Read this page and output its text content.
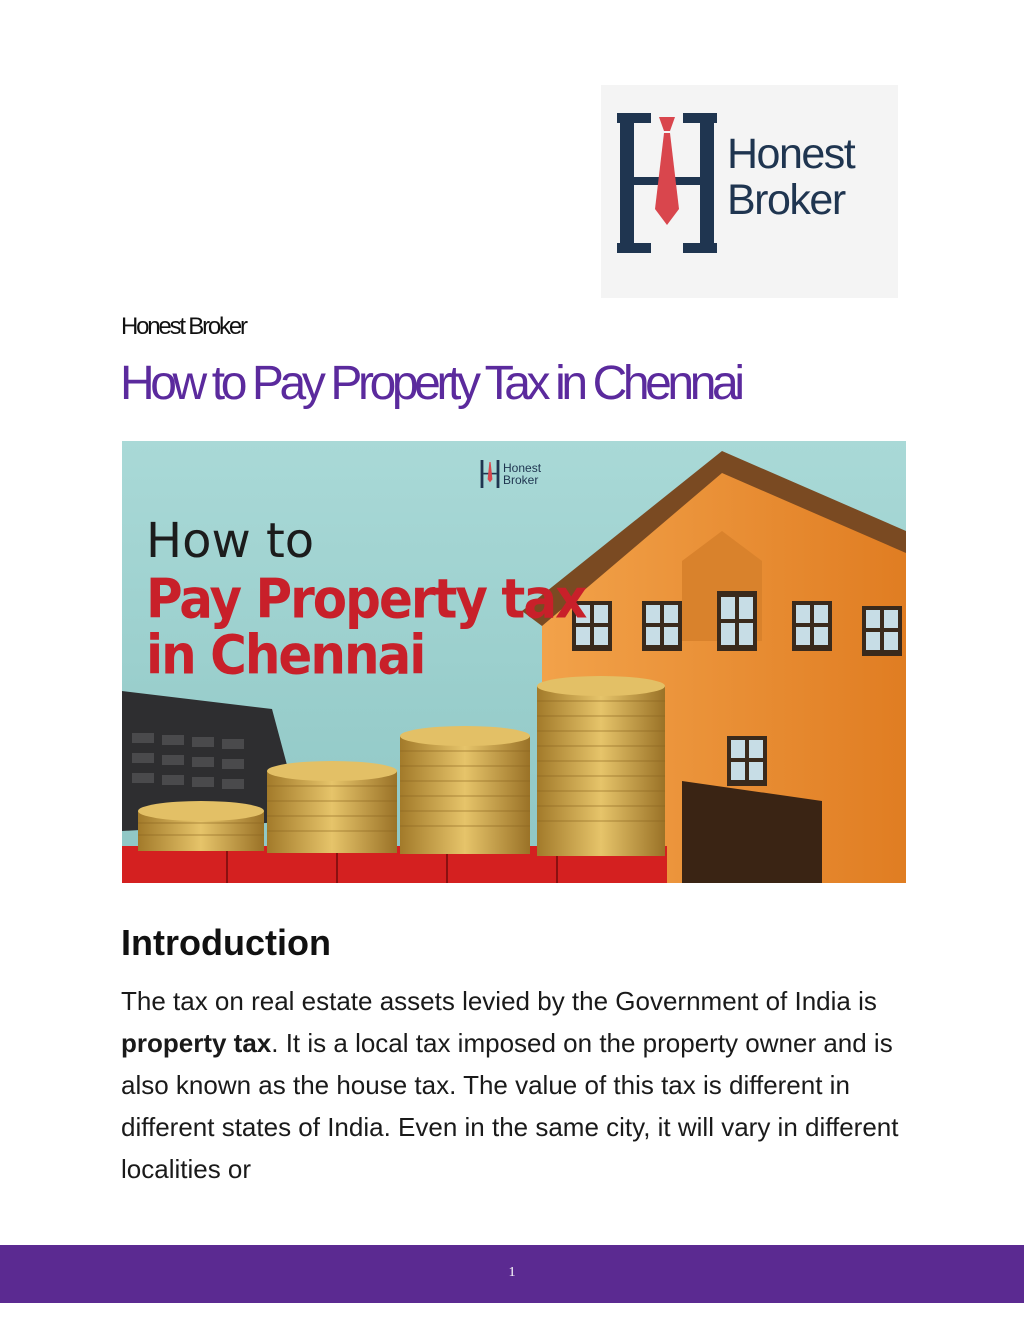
Honest
Broker
Honest Broker
How to Pay Property Tax in Chennai
Honest
Broker
How to
Pay Property tax
in Chennai
Introduction
The tax on real estate assets levied by the Government of India is property tax. It is a local tax imposed on the property owner and is also known as the house tax. The value of this tax is different in different states of India. Even in the same city, it will vary in different localities or
1
